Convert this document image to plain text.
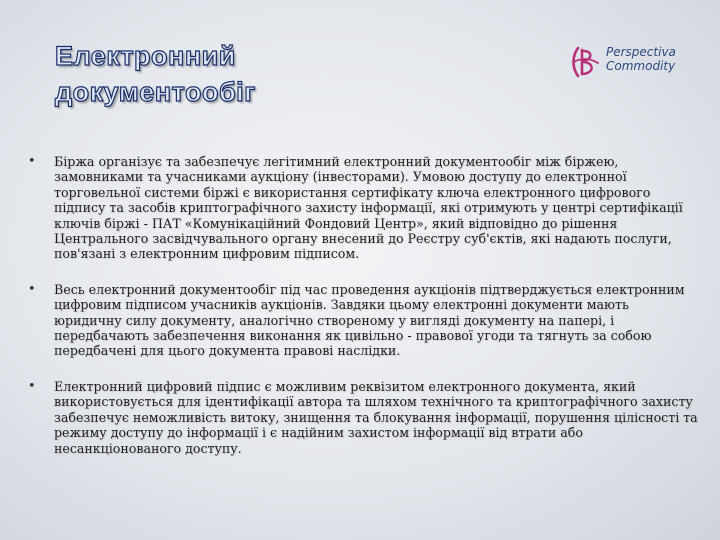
Електронний
документообіг
Perspectiva
Commodity
• Біржа організує та забезпечує легітимний електронний документообіг між біржею, замовниками та учасниками аукціону (інвесторами). Умовою доступу до електронної торговельної системи біржі є використання сертифікату ключа електронного цифрового підпису та засобів криптографічного захисту інформації, які отримують у центрі сертифікації ключів біржі - ПАТ «Комунікаційний Фондовий Центр», який відповідно до рішення Центрального засвідчувального органу внесений до Реєстру суб'єктів, які надають послуги, пов'язані з електронним цифровим підписом.
• Весь електронний документообіг під час проведення аукціонів підтверджується електронним цифровим підписом учасників аукціонів. Завдяки цьому електронні документи мають юридичну силу документу, аналогічно створеному у вигляді документу на папері, і передбачають забезпечення виконання як цивільно - правової угоди та тягнуть за собою передбачені для цього документа правові наслідки.
• Електронний цифровий підпис є можливим реквізитом електронного документа, який використовується для ідентифікації автора та шляхом технічного та криптографічного захисту забезпечує неможливість витоку, знищення та блокування інформації, порушення цілісності та режиму доступу до інформації і є надійним захистом інформації від втрати або несанкціонованого доступу.
